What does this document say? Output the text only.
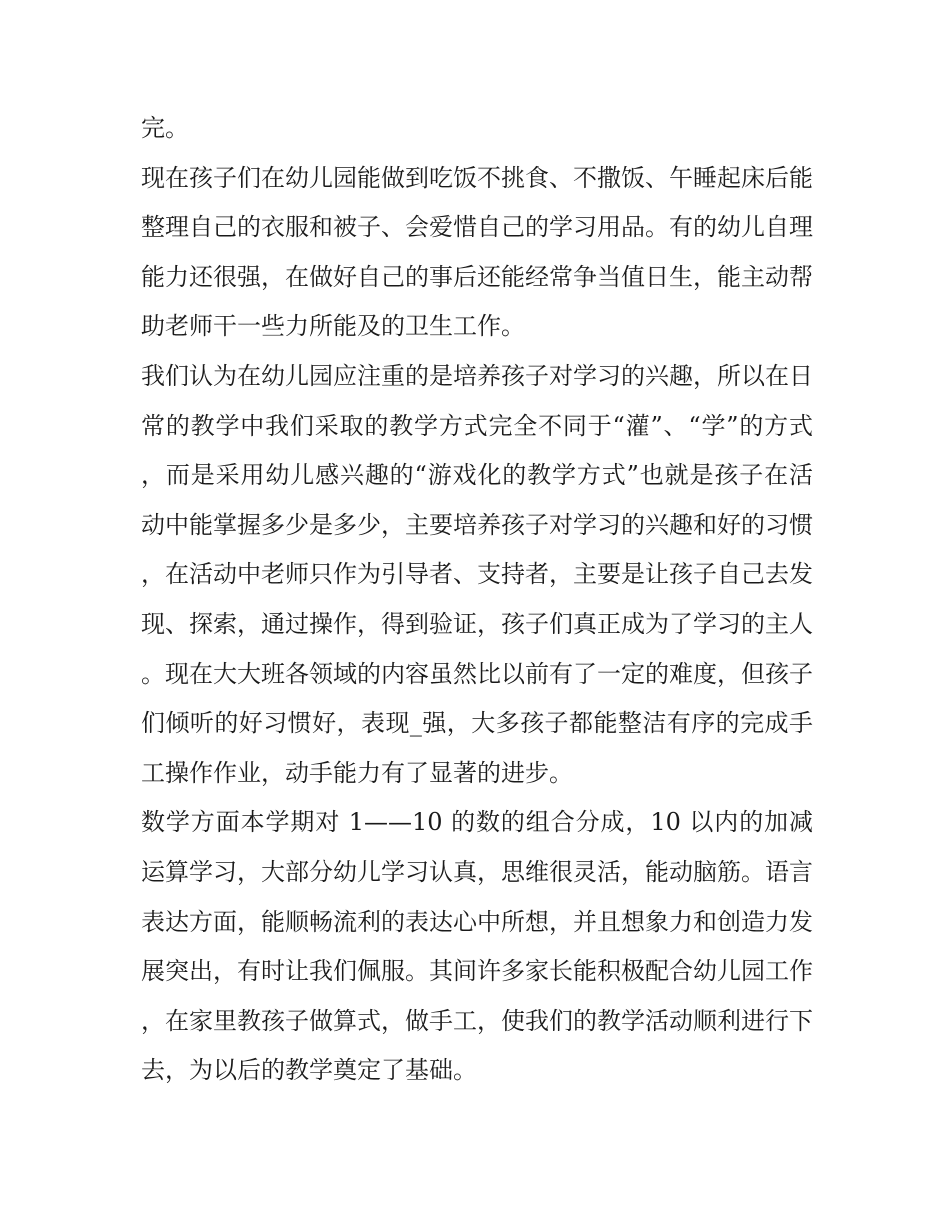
完。

现在孩子们在幼儿园能做到吃饭不挑食、不撒饭、午睡起床后能整理自己的衣服和被子、会爱惜自己的学习用品。有的幼儿自理能力还很强，在做好自己的事后还能经常争当值日生，能主动帮助老师干一些力所能及的卫生工作。

我们认为在幼儿园应注重的是培养孩子对学习的兴趣，所以在日常的教学中我们采取的教学方式完全不同于“灌”、“学”的方式，而是采用幼儿感兴趣的“游戏化的教学方式”也就是孩子在活动中能掌握多少是多少，主要培养孩子对学习的兴趣和好的习惯，在活动中老师只作为引导者、支持者，主要是让孩子自己去发现、探索，通过操作，得到验证，孩子们真正成为了学习的主人。现在大大班各领域的内容虽然比以前有了一定的难度，但孩子们倾听的好习惯好，表现_强，大多孩子都能整洁有序的完成手工操作作业，动手能力有了显著的进步。

数学方面本学期对 1——10 的数的组合分成，10 以内的加减运算学习，大部分幼儿学习认真，思维很灵活，能动脑筋。语言表达方面，能顺畅流利的表达心中所想，并且想象力和创造力发展突出，有时让我们佩服。其间许多家长能积极配合幼儿园工作，在家里教孩子做算式，做手工，使我们的教学活动顺利进行下去，为以后的教学奠定了基础。
